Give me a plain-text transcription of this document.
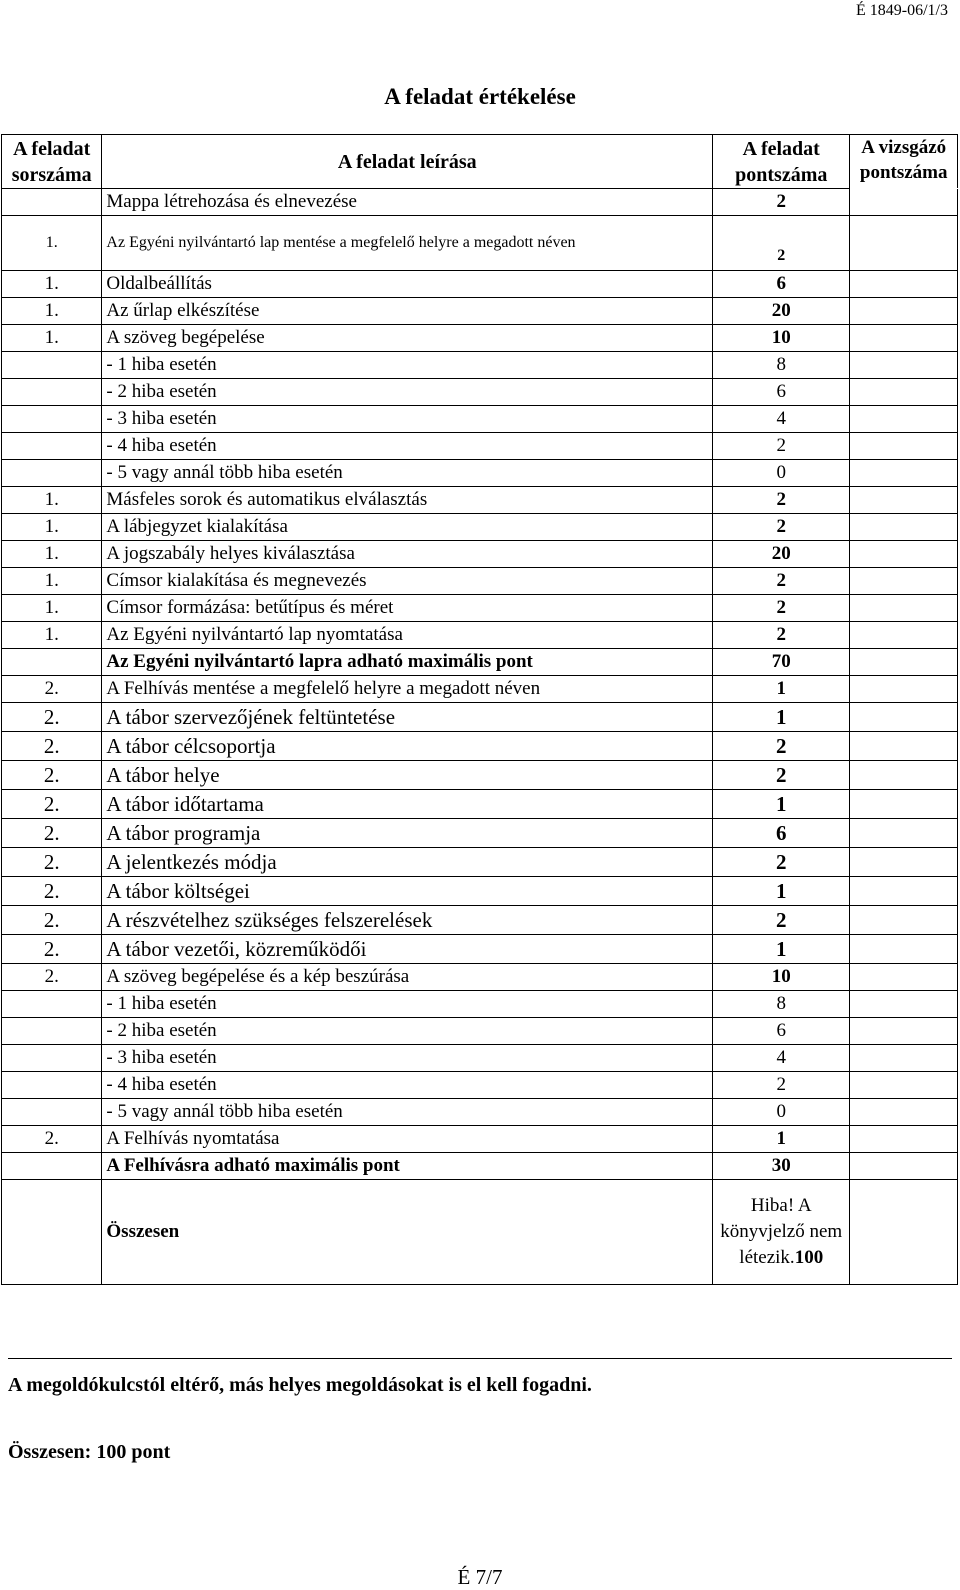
É 1849-06/1/3
A feladat értékelése
A feladat sorszáma	A feladat leírása	A feladat pontszáma	A vizsgázó pontszáma
	Mappa létrehozása és elnevezése	2	
1.	Az Egyéni nyilvántartó lap mentése a megfelelő helyre a megadott néven	2	
1.	Oldalbeállítás	6	
1.	Az űrlap elkészítése	20	
1.	A szöveg begépelése	10	
	- 1 hiba esetén	8	
	- 2 hiba esetén	6	
	- 3 hiba esetén	4	
	- 4 hiba esetén	2	
	- 5 vagy annál több hiba esetén	0	
1.	Másfeles sorok és automatikus elválasztás	2	
1.	A lábjegyzet kialakítása	2	
1.	A jogszabály helyes kiválasztása	20	
1.	Címsor kialakítása és megnevezés	2	
1.	Címsor formázása: betűtípus és méret	2	
1.	Az Egyéni nyilvántartó lap nyomtatása	2	
	Az Egyéni nyilvántartó lapra adható maximális pont	70	
2.	A Felhívás mentése a megfelelő helyre a megadott néven	1	
2.	A tábor szervezőjének feltüntetése	1	
2.	A tábor célcsoportja	2	
2.	A tábor helye	2	
2.	A tábor időtartama	1	
2.	A tábor programja	6	
2.	A jelentkezés módja	2	
2.	A tábor költségei	1	
2.	A részvételhez szükséges felszerelések	2	
2.	A tábor vezetői, közreműködői	1	
2.	A szöveg begépelése és a kép beszúrása	10	
	- 1 hiba esetén	8	
	- 2 hiba esetén	6	
	- 3 hiba esetén	4	
	- 4 hiba esetén	2	
	- 5 vagy annál több hiba esetén	0	
2.	A Felhívás nyomtatása	1	
	A Felhívásra adható maximális pont	30	
	Összesen	Hiba! A könyvjelző nem létezik.100	
A megoldókulcstól eltérő, más helyes megoldásokat is el kell fogadni.
Összesen: 100 pont
É 7/7
